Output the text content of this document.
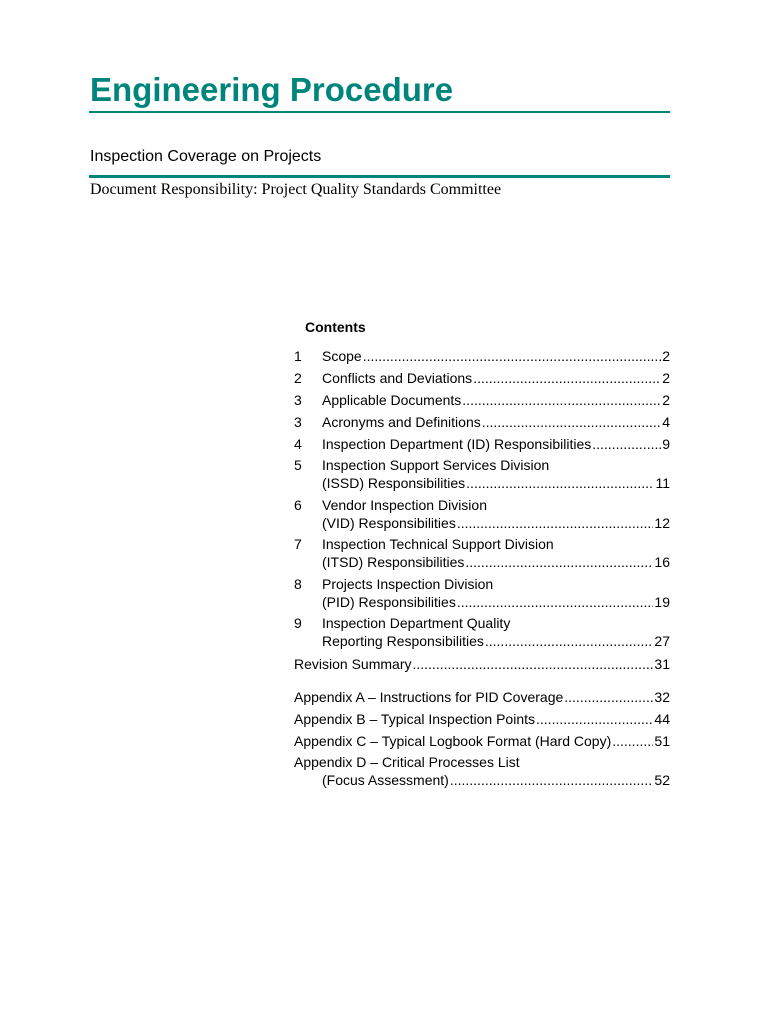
Engineering Procedure
Inspection Coverage on Projects
Document Responsibility: Project Quality Standards Committee
Contents
1	Scope .....	2
2	Conflicts and Deviations .....	2
3	Applicable Documents .....	2
3	Acronyms and Definitions .....	4
4	Inspection Department (ID) Responsibilities .....	9
5	Inspection Support Services Division
(ISSD) Responsibilities .....	11
6	Vendor Inspection Division
(VID) Responsibilities .....	12
7	Inspection Technical Support Division
(ITSD) Responsibilities .....	16
8	Projects Inspection Division
(PID) Responsibilities .....	19
9	Inspection Department Quality
Reporting Responsibilities .....	27
Revision Summary .....	31
Appendix A – Instructions for PID Coverage .....	32
Appendix B – Typical Inspection Points .....	44
Appendix C – Typical Logbook Format (Hard Copy) .....	51
Appendix D – Critical Processes List
(Focus Assessment) .....	52
